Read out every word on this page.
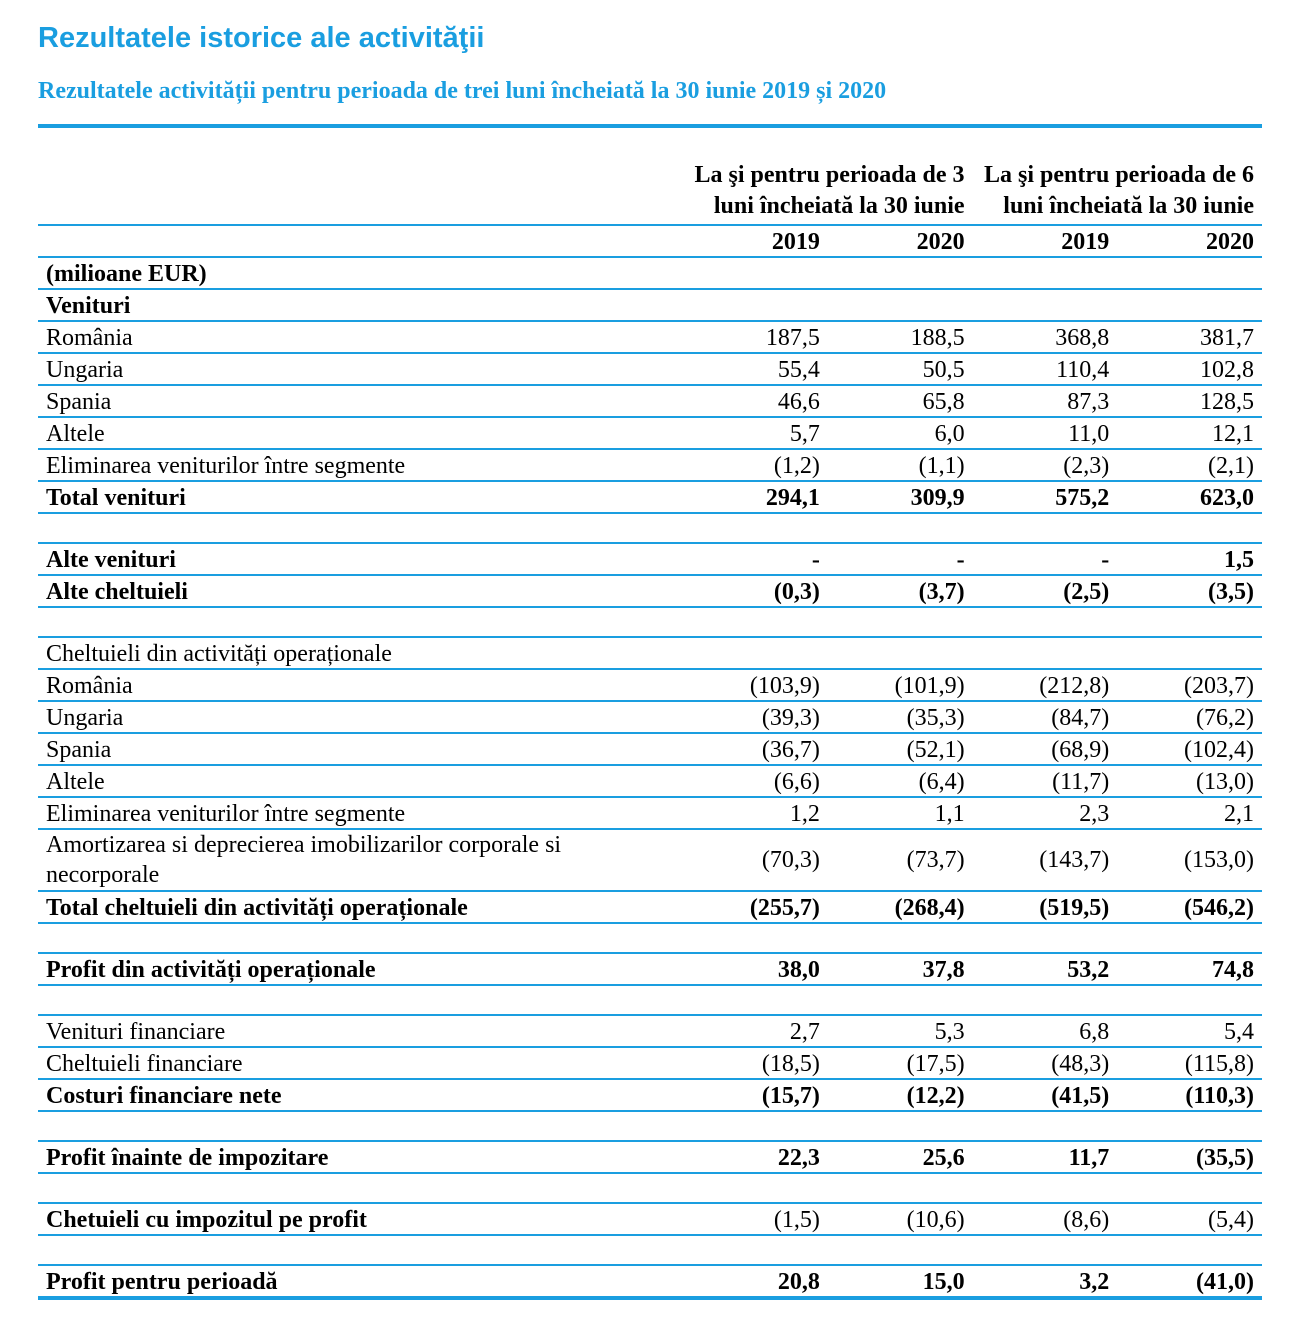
Rezultatele istorice ale activităţii
Rezultatele activității pentru perioada de trei luni încheiată la 30 iunie 2019 și 2020
	La şi pentru perioada de 3 luni încheiată la 30 iunie		La şi pentru perioada de 6 luni încheiată la 30 iunie	
	2019	2020	2019	2020
(milioane EUR)				
Venituri				
România	187,5	188,5	368,8	381,7
Ungaria	55,4	50,5	110,4	102,8
Spania	46,6	65,8	87,3	128,5
Altele	5,7	6,0	11,0	12,1
Eliminarea veniturilor între segmente	(1,2)	(1,1)	(2,3)	(2,1)
Total venituri	294,1	309,9	575,2	623,0

Alte venituri	-	-	-	1,5
Alte cheltuieli	(0,3)	(3,7)	(2,5)	(3,5)

Cheltuieli din activități operaționale				
România	(103,9)	(101,9)	(212,8)	(203,7)
Ungaria	(39,3)	(35,3)	(84,7)	(76,2)
Spania	(36,7)	(52,1)	(68,9)	(102,4)
Altele	(6,6)	(6,4)	(11,7)	(13,0)
Eliminarea veniturilor între segmente	1,2	1,1	2,3	2,1
Amortizarea si deprecierea imobilizarilor corporale si necorporale	(70,3)	(73,7)	(143,7)	(153,0)
Total cheltuieli din activități operaționale	(255,7)	(268,4)	(519,5)	(546,2)

Profit din activități operaționale	38,0	37,8	53,2	74,8

Venituri financiare	2,7	5,3	6,8	5,4
Cheltuieli financiare	(18,5)	(17,5)	(48,3)	(115,8)
Costuri financiare nete	(15,7)	(12,2)	(41,5)	(110,3)

Profit înainte de impozitare	22,3	25,6	11,7	(35,5)

Chetuieli cu impozitul pe profit	(1,5)	(10,6)	(8,6)	(5,4)

Profit pentru perioadă	20,8	15,0	3,2	(41,0)
